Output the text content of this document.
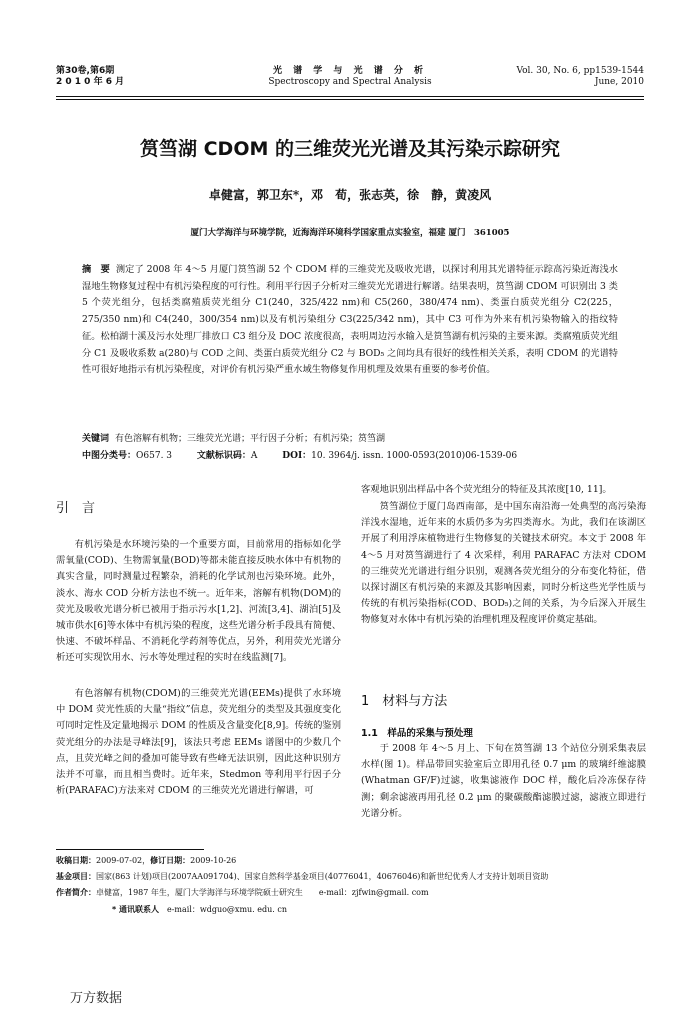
第30卷,第6期
2 0 1 0 年 6 月
光 谱 学 与 光 谱 分 析
Spectroscopy and Spectral Analysis
Vol. 30, No. 6, pp1539-1544
June, 2010
筼筜湖 CDOM 的三维荧光光谱及其污染示踪研究
卓健富，郭卫东*，邓　荀，张志英，徐　静，黄凌风
厦门大学海洋与环境学院，近海海洋环境科学国家重点实验室，福建 厦门　361005
摘　要 测定了 2008 年 4～5 月厦门筼筜湖 52 个 CDOM 样的三维荧光及吸收光谱，以探讨利用其光谱特征示踪高污染近海浅水湿地生物修复过程中有机污染程度的可行性。利用平行因子分析对三维荧光光谱进行解谱。结果表明，筼筜湖 CDOM 可识别出 3 类 5 个荧光组分，包括类腐殖质荧光组分 C1(240，325/422 nm)和 C5(260，380/474 nm)、类蛋白质荧光组分 C2(225，275/350 nm)和 C4(240，300/354 nm)以及有机污染组分 C3(225/342 nm)，其中 C3 可作为外来有机污染物输入的指纹特征。松柏湖十溪及污水处理厂排放口 C3 组分及 DOC 浓度很高，表明周边污水输入是筼筜湖有机污染的主要来源。类腐殖质荧光组分 C1 及吸收系数 a(280)与 COD 之间、类蛋白质荧光组分 C2 与 BOD₅ 之间均具有很好的线性相关关系，表明 CDOM 的光谱特性可很好地指示有机污染程度，对评价有机污染严重水域生物修复作用机理及效果有重要的参考价值。
关键词 有色溶解有机物；三维荧光光谱；平行因子分析；有机污染；筼筜湖
中图分类号：O657. 3	文献标识码：A	DOI：10. 3964/j. issn. 1000-0593(2010)06-1539-06
引　言
有机污染是水环境污染的一个重要方面，目前常用的指标如化学需氧量(COD)、生物需氧量(BOD)等都未能直接反映水体中有机物的真实含量，同时测量过程繁杂，消耗的化学试剂也污染环境。此外，淡水、海水 COD 分析方法也不统一。近年来，溶解有机物(DOM)的荧光及吸收光谱分析已被用于指示污水[1,2]、河流[3,4]、湖泊[5]及城市供水[6]等水体中有机污染的程度，这些光谱分析手段具有简便、快速、不破坏样品、不消耗化学药剂等优点，另外，利用荧光光谱分析还可实现饮用水、污水等处理过程的实时在线监测[7]。
有色溶解有机物(CDOM)的三维荧光光谱(EEMs)提供了水环境中 DOM 荧光性质的大量“指纹”信息，荧光组分的类型及其强度变化可同时定性及定量地揭示 DOM 的性质及含量变化[8,9]。传统的鉴别荧光组分的办法是寻峰法[9]，该法只考虑 EEMs 谱图中的少数几个点，且荧光峰之间的叠加可能导致有些峰无法识别，因此这种识别方法并不可靠，而且相当费时。近年来，Stedmon 等利用平行因子分析(PARAFAC)方法来对 CDOM 的三维荧光光谱进行解谱，可
客观地识别出样品中各个荧光组分的特征及其浓度[10, 11]。
筼筜湖位于厦门岛西南部，是中国东南沿海一处典型的高污染海洋浅水湿地，近年来的水质仍多为劣四类海水。为此，我们在该湖区开展了利用浮床植物进行生物修复的关键技术研究。本文于 2008 年 4～5 月对筼筜湖进行了 4 次采样，利用 PARAFAC 方法对 CDOM 的三维荧光光谱进行组分识别，观测各荧光组分的分布变化特征，借以探讨湖区有机污染的来源及其影响因素，同时分析这些光学性质与传统的有机污染指标(COD、BOD₅)之间的关系，为今后深入开展生物修复对水体中有机污染的治理机理及程度评价奠定基础。
1　材料与方法
1.1　样品的采集与预处理
于 2008 年 4～5 月上、下旬在筼筜湖 13 个站位分别采集表层水样(图 1)。样品带回实验室后立即用孔径 0.7 μm 的玻璃纤维滤膜(Whatman GF/F)过滤，收集滤液作 DOC 样，酸化后冷冻保存待测；剩余滤液再用孔径 0.2 μm 的聚碳酸酯滤膜过滤，滤液立即进行光谱分析。
收稿日期：2009-07-02，修订日期：2009-10-26
基金项目：国家(863 计划)项目(2007AA091704)、国家自然科学基金项目(40776041，40676046)和新世纪优秀人才支持计划项目资助
作者简介：卓健富，1987 年生，厦门大学海洋与环境学院硕士研究生　　e-mail：zjfwin@gmail. com
* 通讯联系人　 e-mail：wdguo@xmu. edu. cn
万方数据
